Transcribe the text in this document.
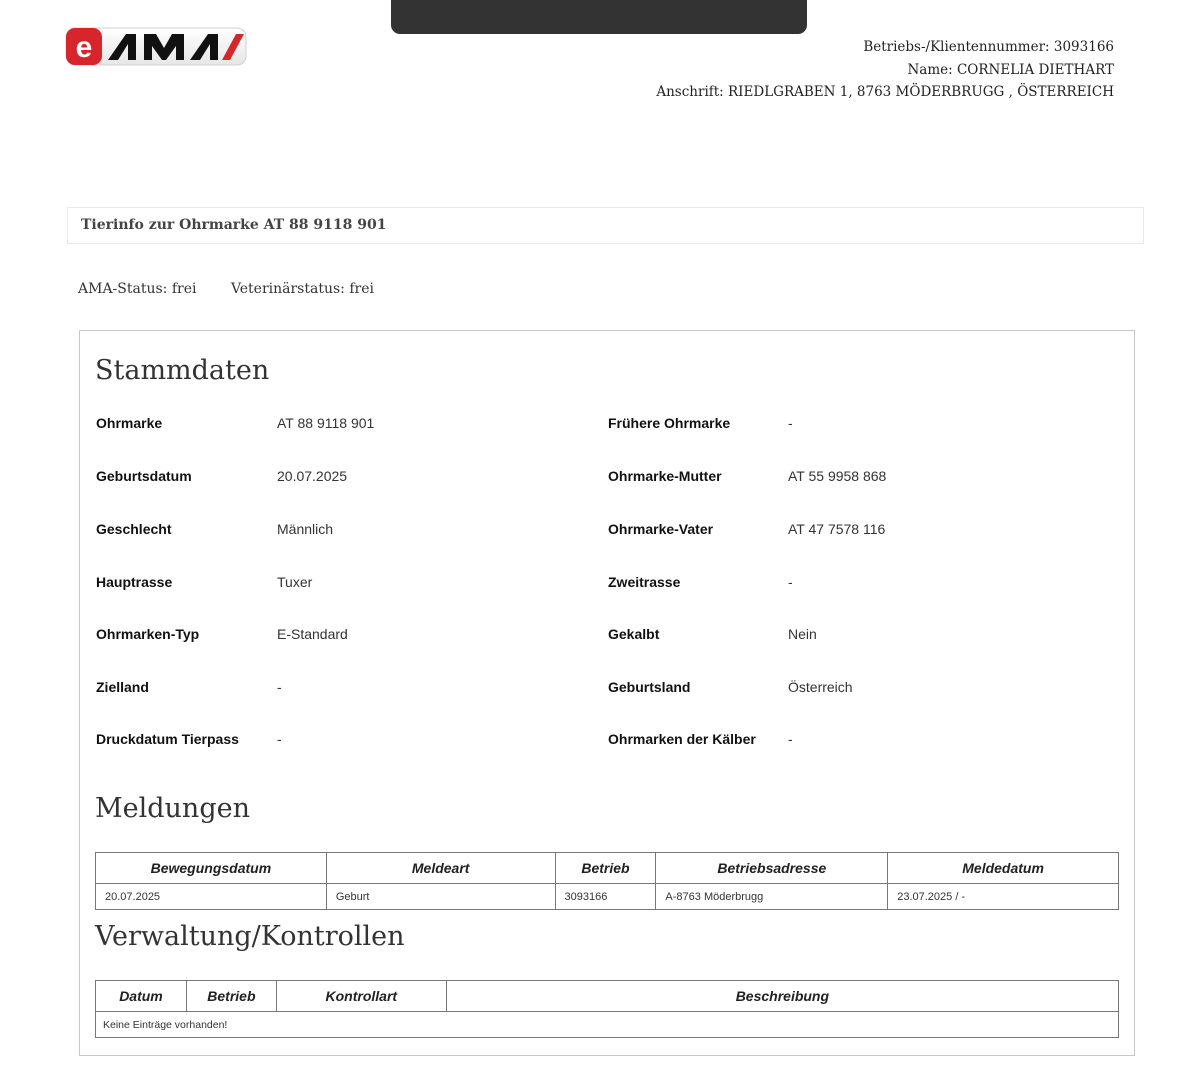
e	Betriebs-/Klientennummer: 3093166
Name: CORNELIA DIETHART
Anschrift: RIEDLGRABEN 1, 8763 MÖDERBRUGG , ÖSTERREICH
Tierinfo zur Ohrmarke AT 88 9118 901
AMA-Status: frei Veterinärstatus: frei
Stammdaten
Ohrmarke	AT 88 9118 901
Geburtsdatum	20.07.2025
Geschlecht	Männlich
Hauptrasse	Tuxer
Ohrmarken-Typ	E-Standard
Zielland	-
Druckdatum Tierpass	-
Frühere Ohrmarke	-
Ohrmarke-Mutter	AT 55 9958 868
Ohrmarke-Vater	AT 47 7578 116
Zweitrasse	-
Gekalbt	Nein
Geburtsland	Österreich
Ohrmarken der Kälber -
Meldungen
Bewegungsdatum	Meldeart	Betrieb	Betriebsadresse	Meldedatum
20.07.2025	Geburt	3093166	A-8763 Möderbrugg	23.07.2025 / -
Verwaltung/Kontrollen
Datum	Betrieb	Kontrollart	Beschreibung
Keine Einträge vorhanden!
